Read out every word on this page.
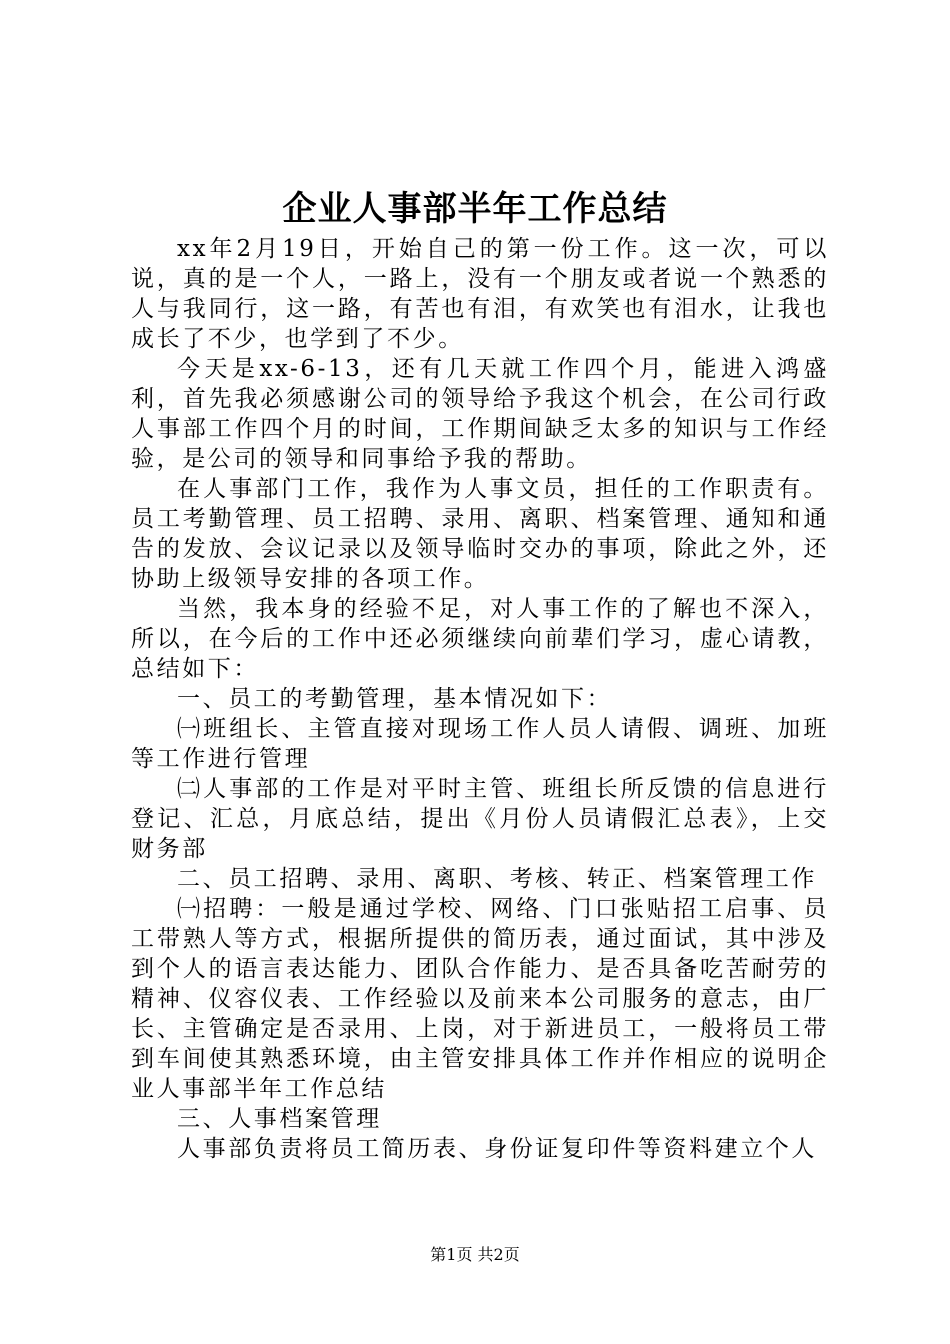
企业人事部半年工作总结

xx年2月19日，开始自己的第一份工作。这一次，可以说，真的是一个人，一路上，没有一个朋友或者说一个熟悉的人与我同行，这一路，有苦也有泪，有欢笑也有泪水，让我也成长了不少，也学到了不少。

今天是xx-6-13，还有几天就工作四个月，能进入鸿盛利，首先我必须感谢公司的领导给予我这个机会，在公司行政人事部工作四个月的时间，工作期间缺乏太多的知识与工作经验，是公司的领导和同事给予我的帮助。

在人事部门工作，我作为人事文员，担任的工作职责有。员工考勤管理、员工招聘、录用、离职、档案管理、通知和通告的发放、会议记录以及领导临时交办的事项，除此之外，还协助上级领导安排的各项工作。

当然，我本身的经验不足，对人事工作的了解也不深入，所以，在今后的工作中还必须继续向前辈们学习，虚心请教，总结如下：

一、员工的考勤管理，基本情况如下：

㈠班组长、主管直接对现场工作人员人请假、调班、加班等工作进行管理

㈡人事部的工作是对平时主管、班组长所反馈的信息进行登记、汇总，月底总结，提出《月份人员请假汇总表》，上交财务部

二、员工招聘、录用、离职、考核、转正、档案管理工作

㈠招聘：一般是通过学校、网络、门口张贴招工启事、员工带熟人等方式，根据所提供的简历表，通过面试，其中涉及到个人的语言表达能力、团队合作能力、是否具备吃苦耐劳的精神、仪容仪表、工作经验以及前来本公司服务的意志，由厂长、主管确定是否录用、上岗，对于新进员工，一般将员工带到车间使其熟悉环境，由主管安排具体工作并作相应的说明企业人事部半年工作总结

三、人事档案管理

人事部负责将员工简历表、身份证复印件等资料建立个人

第1页 共2页
